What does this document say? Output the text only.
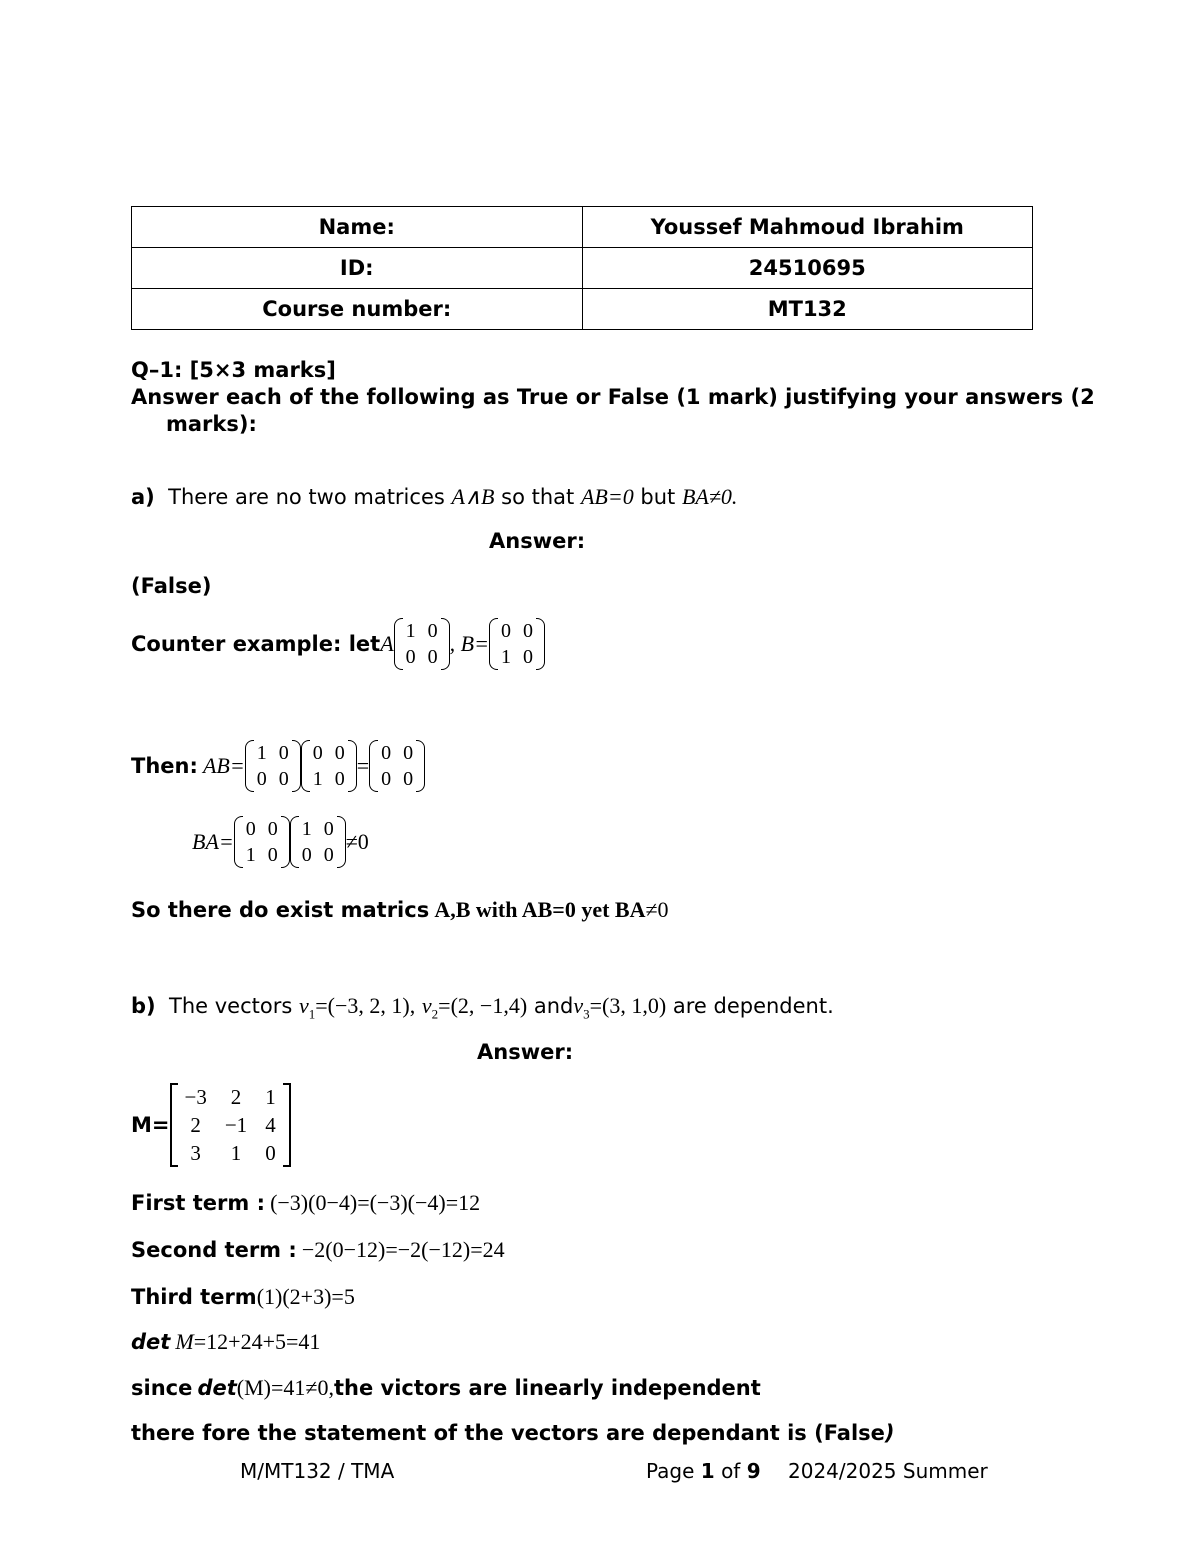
Name:	Youssef Mahmoud Ibrahim
ID:	24510695
Course number:	MT132
Q–1: [5×3 marks]
Answer each of the following as True or False (1 mark) justifying your answers (2
marks):
a) There are no two matrices A∧B so that AB=0 but BA≠0.
Answer:
(False)
Counter example: let A 1	0
0	0
, B= 0	0
1	0
Then:
AB= 1	0
0	0
0	0
1	0
= 0	0
0	0
BA= 0	0
1	0
1	0
0	0
≠0
So there do exist matrics A,B with AB=0 yet BA≠0
b) The vectors $v_1=(-3$, 2, 1), $v_2=(2$, −1,4) andv$_3$=(3, 1,0) are dependent.
Answer:
M=
−3	2	1
2	−1	4
3	1	0
First term : (−3)(0−4)=(−3)(−4)=12
Second term : −2(0−12)=−2(−12)=24
Third term(1)(2+3)=5
det M=12+24+5=41
since det(M)=41≠0,the victors are linearly independent
there fore the statement of the vectors are dependant is (False)
M/MT132 / TMA	Page 1 of 9 2024/2025 Summer
